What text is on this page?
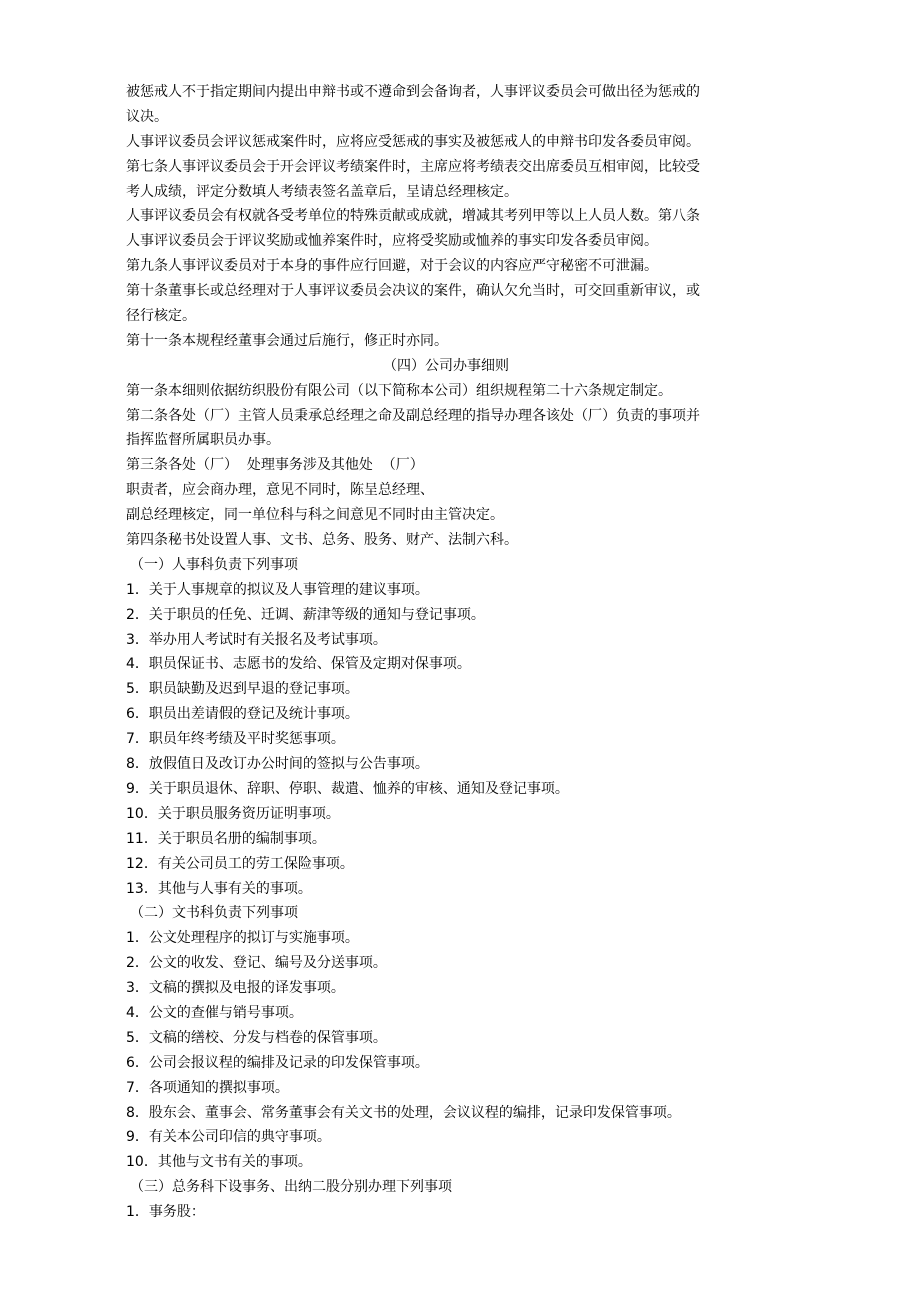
被惩戒人不于指定期间内提出申辩书或不遵命到会备询者，人事评议委员会可做出径为惩戒的
议决。
人事评议委员会评议惩戒案件时，应将应受惩戒的事实及被惩戒人的申辩书印发各委员审阅。
第七条人事评议委员会于开会评议考绩案件时，主席应将考绩表交出席委员互相审阅，比较受
考人成绩，评定分数填人考绩表签名盖章后，呈请总经理核定。
人事评议委员会有权就各受考单位的特殊贡献或成就，增减其考列甲等以上人员人数。第八条
人事评议委员会于评议奖励或恤养案件时，应将受奖励或恤养的事实印发各委员审阅。
第九条人事评议委员对于本身的事件应行回避，对于会议的内容应严守秘密不可泄漏。
第十条董事长或总经理对于人事评议委员会决议的案件，确认欠允当时，可交回重新审议，或
径行核定。
第十一条本规程经董事会通过后施行，修正时亦同。
（四）公司办事细则
第一条本细则依据纺织股份有限公司（以下简称本公司）组织规程第二十六条规定制定。
第二条各处（厂）主管人员秉承总经理之命及副总经理的指导办理各该处（厂）负责的事项并
指挥监督所属职员办事。
第三条各处（厂）  处理事务涉及其他处  （厂）
职责者，应会商办理，意见不同时，陈呈总经理、
副总经理核定，同一单位科与科之间意见不同时由主管决定。
第四条秘书处设置人事、文书、总务、股务、财产、法制六科。
（一）人事科负责下列事项
1．关于人事规章的拟议及人事管理的建议事项。
2．关于职员的任免、迁调、薪津等级的通知与登记事项。
3．举办用人考试时有关报名及考试事项。
4．职员保证书、志愿书的发给、保管及定期对保事项。
5．职员缺勤及迟到早退的登记事项。
6．职员出差请假的登记及统计事项。
7．职员年终考绩及平时奖惩事项。
8．放假值日及改订办公时间的签拟与公告事项。
9．关于职员退休、辞职、停职、裁遣、恤养的审核、通知及登记事项。
10．关于职员服务资历证明事项。
11．关于职员名册的编制事项。
12．有关公司员工的劳工保险事项。
13．其他与人事有关的事项。
（二）文书科负责下列事项
1．公文处理程序的拟订与实施事项。
2．公文的收发、登记、编号及分送事项。
3．文稿的撰拟及电报的译发事项。
4．公文的查催与销号事项。
5．文稿的缮校、分发与档卷的保管事项。
6．公司会报议程的编排及记录的印发保管事项。
7．各项通知的撰拟事项。
8．股东会、董事会、常务董事会有关文书的处理，会议议程的编排，记录印发保管事项。
9．有关本公司印信的典守事项。
10．其他与文书有关的事项。
（三）总务科下设事务、出纳二股分别办理下列事项
1．事务股：
